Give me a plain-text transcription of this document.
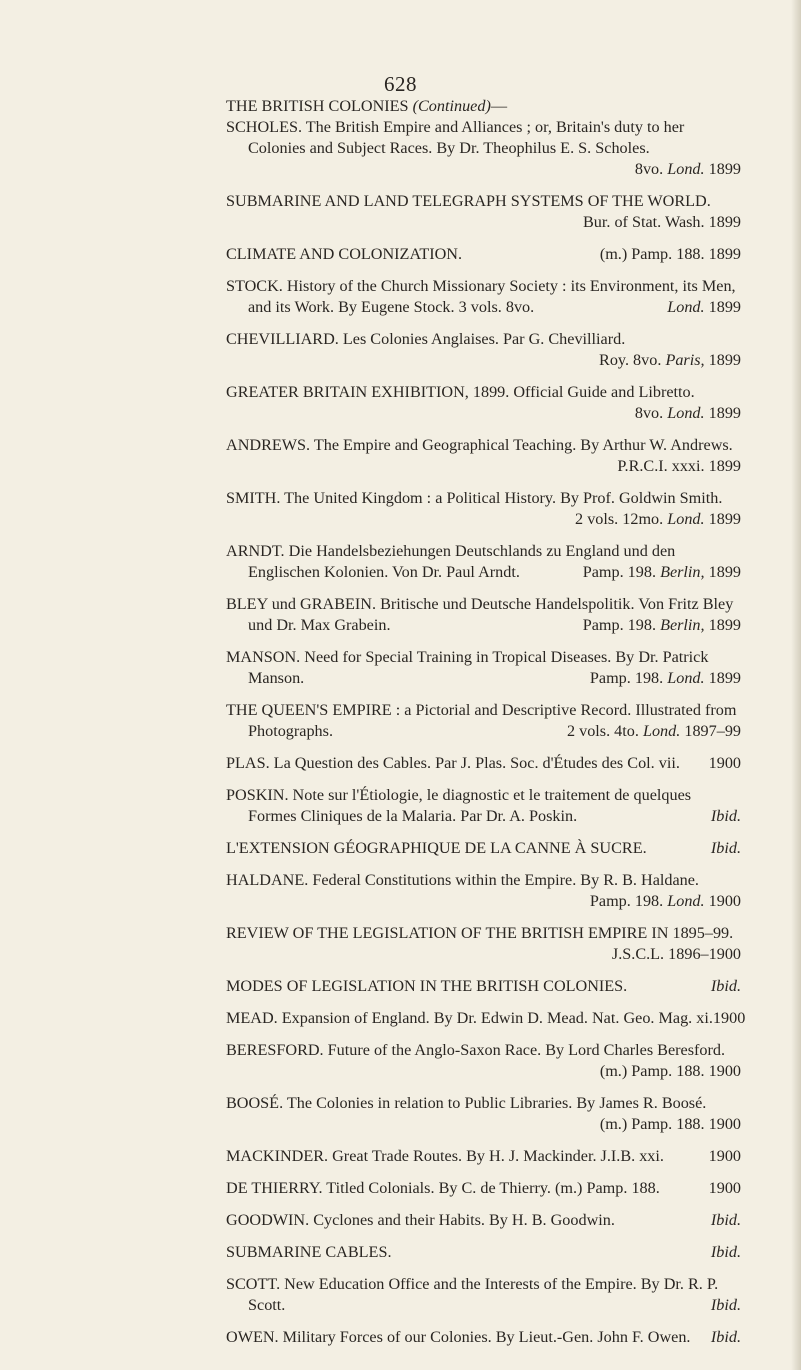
628

THE BRITISH COLONIES (Continued)—

SCHOLES. The British Empire and Alliances ; or, Britain's duty to her Colonies and Subject Races. By Dr. Theophilus E. S. Scholes.
8vo. Lond. 1899
SUBMARINE AND LAND TELEGRAPH SYSTEMS OF THE WORLD.
Bur. of Stat. Wash. 1899
CLIMATE AND COLONIZATION.	(m.) Pamp. 188. 1899
STOCK. History of the Church Missionary Society : its Environment, its Men, and its Work. By Eugene Stock. 3 vols. 8vo.	Lond. 1899
CHEVILLIARD. Les Colonies Anglaises. Par G. Chevilliard.
Roy. 8vo. Paris, 1899
GREATER BRITAIN EXHIBITION, 1899. Official Guide and Libretto.
8vo. Lond. 1899
ANDREWS. The Empire and Geographical Teaching. By Arthur W. Andrews.
P.R.C.I. xxxi. 1899
SMITH. The United Kingdom : a Political History. By Prof. Goldwin Smith.
2 vols. 12mo. Lond. 1899
ARNDT. Die Handelsbeziehungen Deutschlands zu England und den Englischen Kolonien. Von Dr. Paul Arndt.	Pamp. 198. Berlin, 1899
BLEY und GRABEIN. Britische und Deutsche Handelspolitik. Von Fritz Bley und Dr. Max Grabein.	Pamp. 198. Berlin, 1899
MANSON. Need for Special Training in Tropical Diseases. By Dr. Patrick Manson.	Pamp. 198. Lond. 1899
THE QUEEN'S EMPIRE : a Pictorial and Descriptive Record. Illustrated from Photographs.	2 vols. 4to. Lond. 1897–99
PLAS. La Question des Cables. Par J. Plas. Soc. d'Études des Col. vii. 1900
POSKIN. Note sur l'Étiologie, le diagnostic et le traitement de quelques Formes Cliniques de la Malaria. Par Dr. A. Poskin.	Ibid.
L'EXTENSION GÉOGRAPHIQUE DE LA CANNE À SUCRE.	Ibid.
HALDANE. Federal Constitutions within the Empire. By R. B. Haldane.
Pamp. 198. Lond. 1900
REVIEW OF THE LEGISLATION OF THE BRITISH EMPIRE IN 1895–99.
J.S.C.L. 1896–1900
MODES OF LEGISLATION IN THE BRITISH COLONIES.	Ibid.
MEAD. Expansion of England. By Dr. Edwin D. Mead. Nat. Geo. Mag. xi. 1900
BERESFORD. Future of the Anglo-Saxon Race. By Lord Charles Beresford.
(m.) Pamp. 188. 1900
BOOSÉ. The Colonies in relation to Public Libraries. By James R. Boosé.
(m.) Pamp. 188. 1900
MACKINDER. Great Trade Routes. By H. J. Mackinder. J.I.B. xxi.	1900
DE THIERRY. Titled Colonials. By C. de Thierry. (m.) Pamp. 188.	1900
GOODWIN. Cyclones and their Habits. By H. B. Goodwin.	Ibid.
SUBMARINE CABLES.	Ibid.
SCOTT. New Education Office and the Interests of the Empire. By Dr. R. P. Scott.	Ibid.
OWEN. Military Forces of our Colonies. By Lieut.-Gen. John F. Owen. Ibid.
